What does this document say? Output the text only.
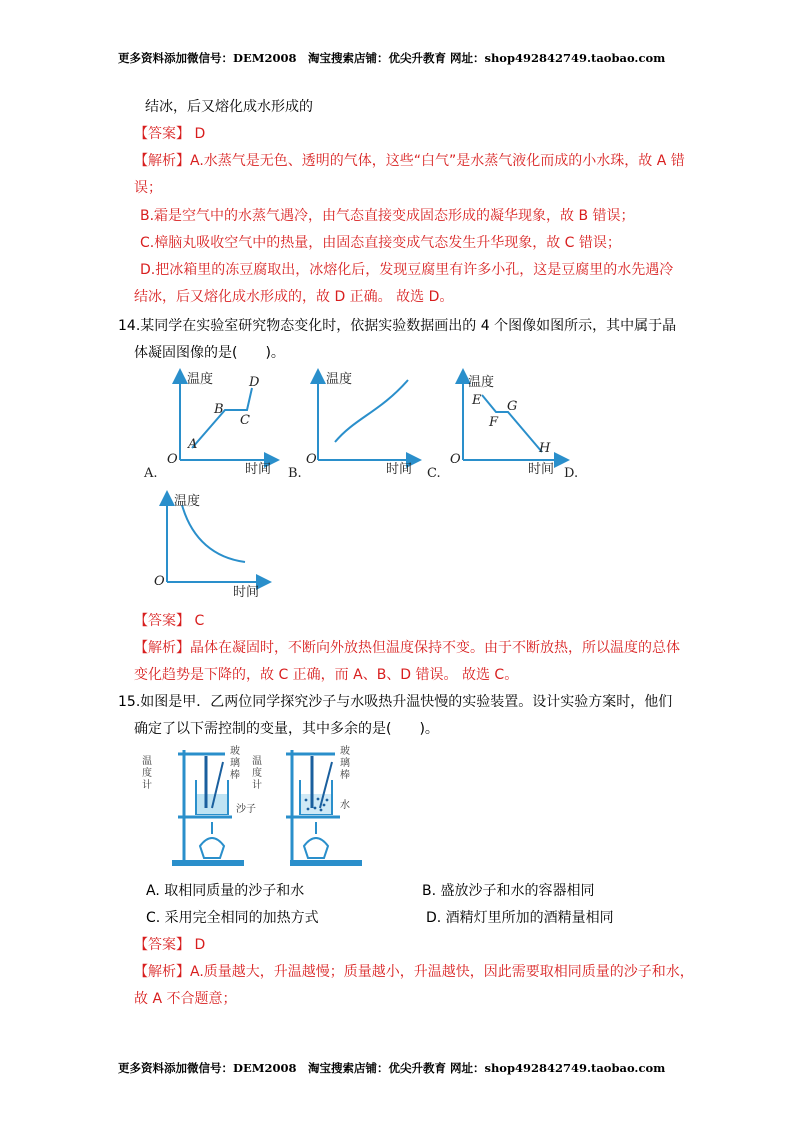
更多资料添加微信号：DEM2008　淘宝搜索店铺：优尖升教育 网址：shop492842749.taobao.com
结冰，后又熔化成水形成的
【答案】 D
【解析】A.水蒸气是无色、透明的气体，这些“白气”是水蒸气液化而成的小水珠，故 A 错
误；
B.霜是空气中的水蒸气遇冷，由气态直接变成固态形成的凝华现象，故 B 错误；
C.樟脑丸吸收空气中的热量，由固态直接变成气态发生升华现象，故 C 错误；
D.把冰箱里的冻豆腐取出，冰熔化后，发现豆腐里有许多小孔，这是豆腐里的水先遇冷
结冰，后又熔化成水形成的，故 D 正确。 故选 D。
14.某同学在实验室研究物态变化时，依据实验数据画出的 4 个图像如图所示，其中属于晶
体凝固图像的是(　　)。
温度
时间
O
A
B
C
D
A.
温度
时间
O
B.
温度
时间
O
E
F
G
H
C.	D.
温度
时间
O
【答案】 C
【解析】晶体在凝固时，不断向外放热但温度保持不变。由于不断放热，所以温度的总体
变化趋势是下降的，故 C 正确，而 A、B、D 错误。 故选 C。
15.如图是甲．乙两位同学探究沙子与水吸热升温快慢的实验装置。设计实验方案时，他们
确定了以下需控制的变量，其中多余的是(　　)。
温度计
玻璃棒
沙子
温度计
玻璃棒
水
A. 取相同质量的沙子和水	B. 盛放沙子和水的容器相同
C. 采用完全相同的加热方式	D. 酒精灯里所加的酒精量相同
【答案】 D
【解析】A.质量越大，升温越慢；质量越小，升温越快，因此需要取相同质量的沙子和水，
故 A 不合题意；
更多资料添加微信号：DEM2008　淘宝搜索店铺：优尖升教育 网址：shop492842749.taobao.com
